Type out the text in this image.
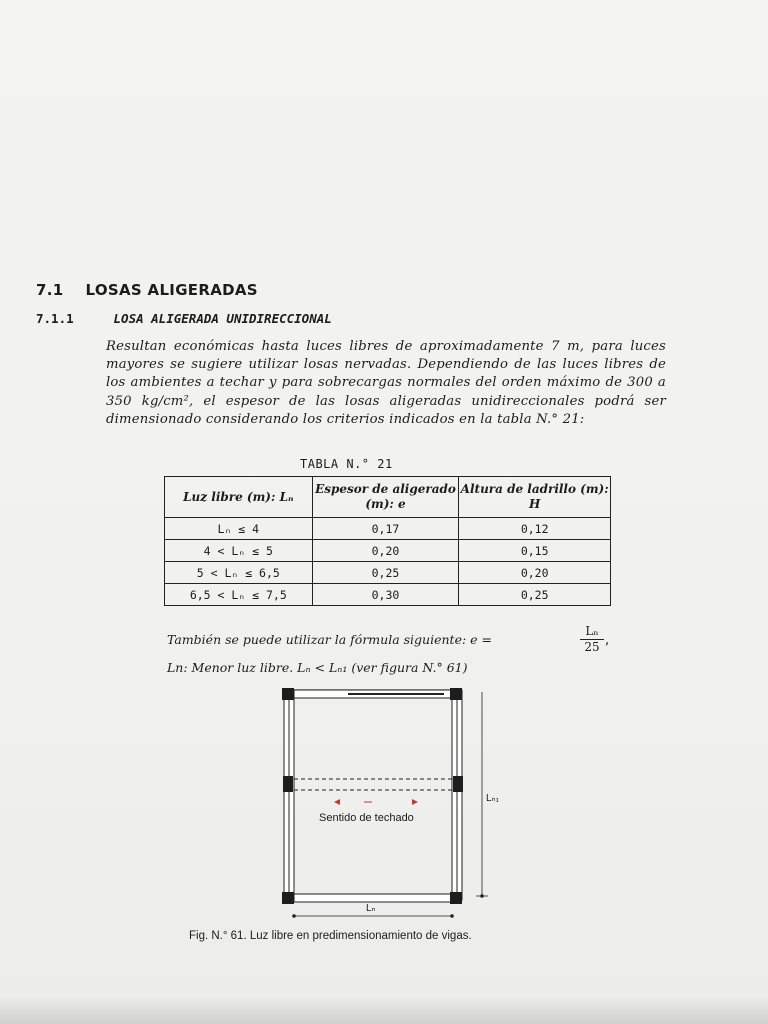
7.1 LOSAS ALIGERADAS
7.1.1	LOSA ALIGERADA UNIDIRECCIONAL
Resultan económicas hasta luces libres de aproximadamente 7 m, para luces mayores se sugiere utilizar losas nervadas. Dependiendo de las luces libres de los ambientes a techar y para sobrecargas normales del orden máximo de 300 a 350 kg/cm², el espesor de las losas aligeradas unidireccionales podrá ser dimensionado considerando los criterios indicados en la tabla N.° 21:
TABLA N.° 21
Luz libre (m): Lₙ	Espesor de aligerado (m): e	Altura de ladrillo (m): H
Lₙ ≤ 4	0,17	0,12
4 < Lₙ ≤ 5	0,20	0,15
5 < Lₙ ≤ 6,5	0,25	0,20
6,5 < Lₙ ≤ 7,5	0,30	0,25
También se puede utilizar la fórmula siguiente: e =	$\frac{\text{Lₙ}}{25}$ ,
Ln: Menor luz libre. Lₙ < Lₙ₁ (ver figura N.° 61)
Sentido de techado
Lₙ
Lₙ₁
Fig. N.° 61. Luz libre en predimensionamiento de vigas.
